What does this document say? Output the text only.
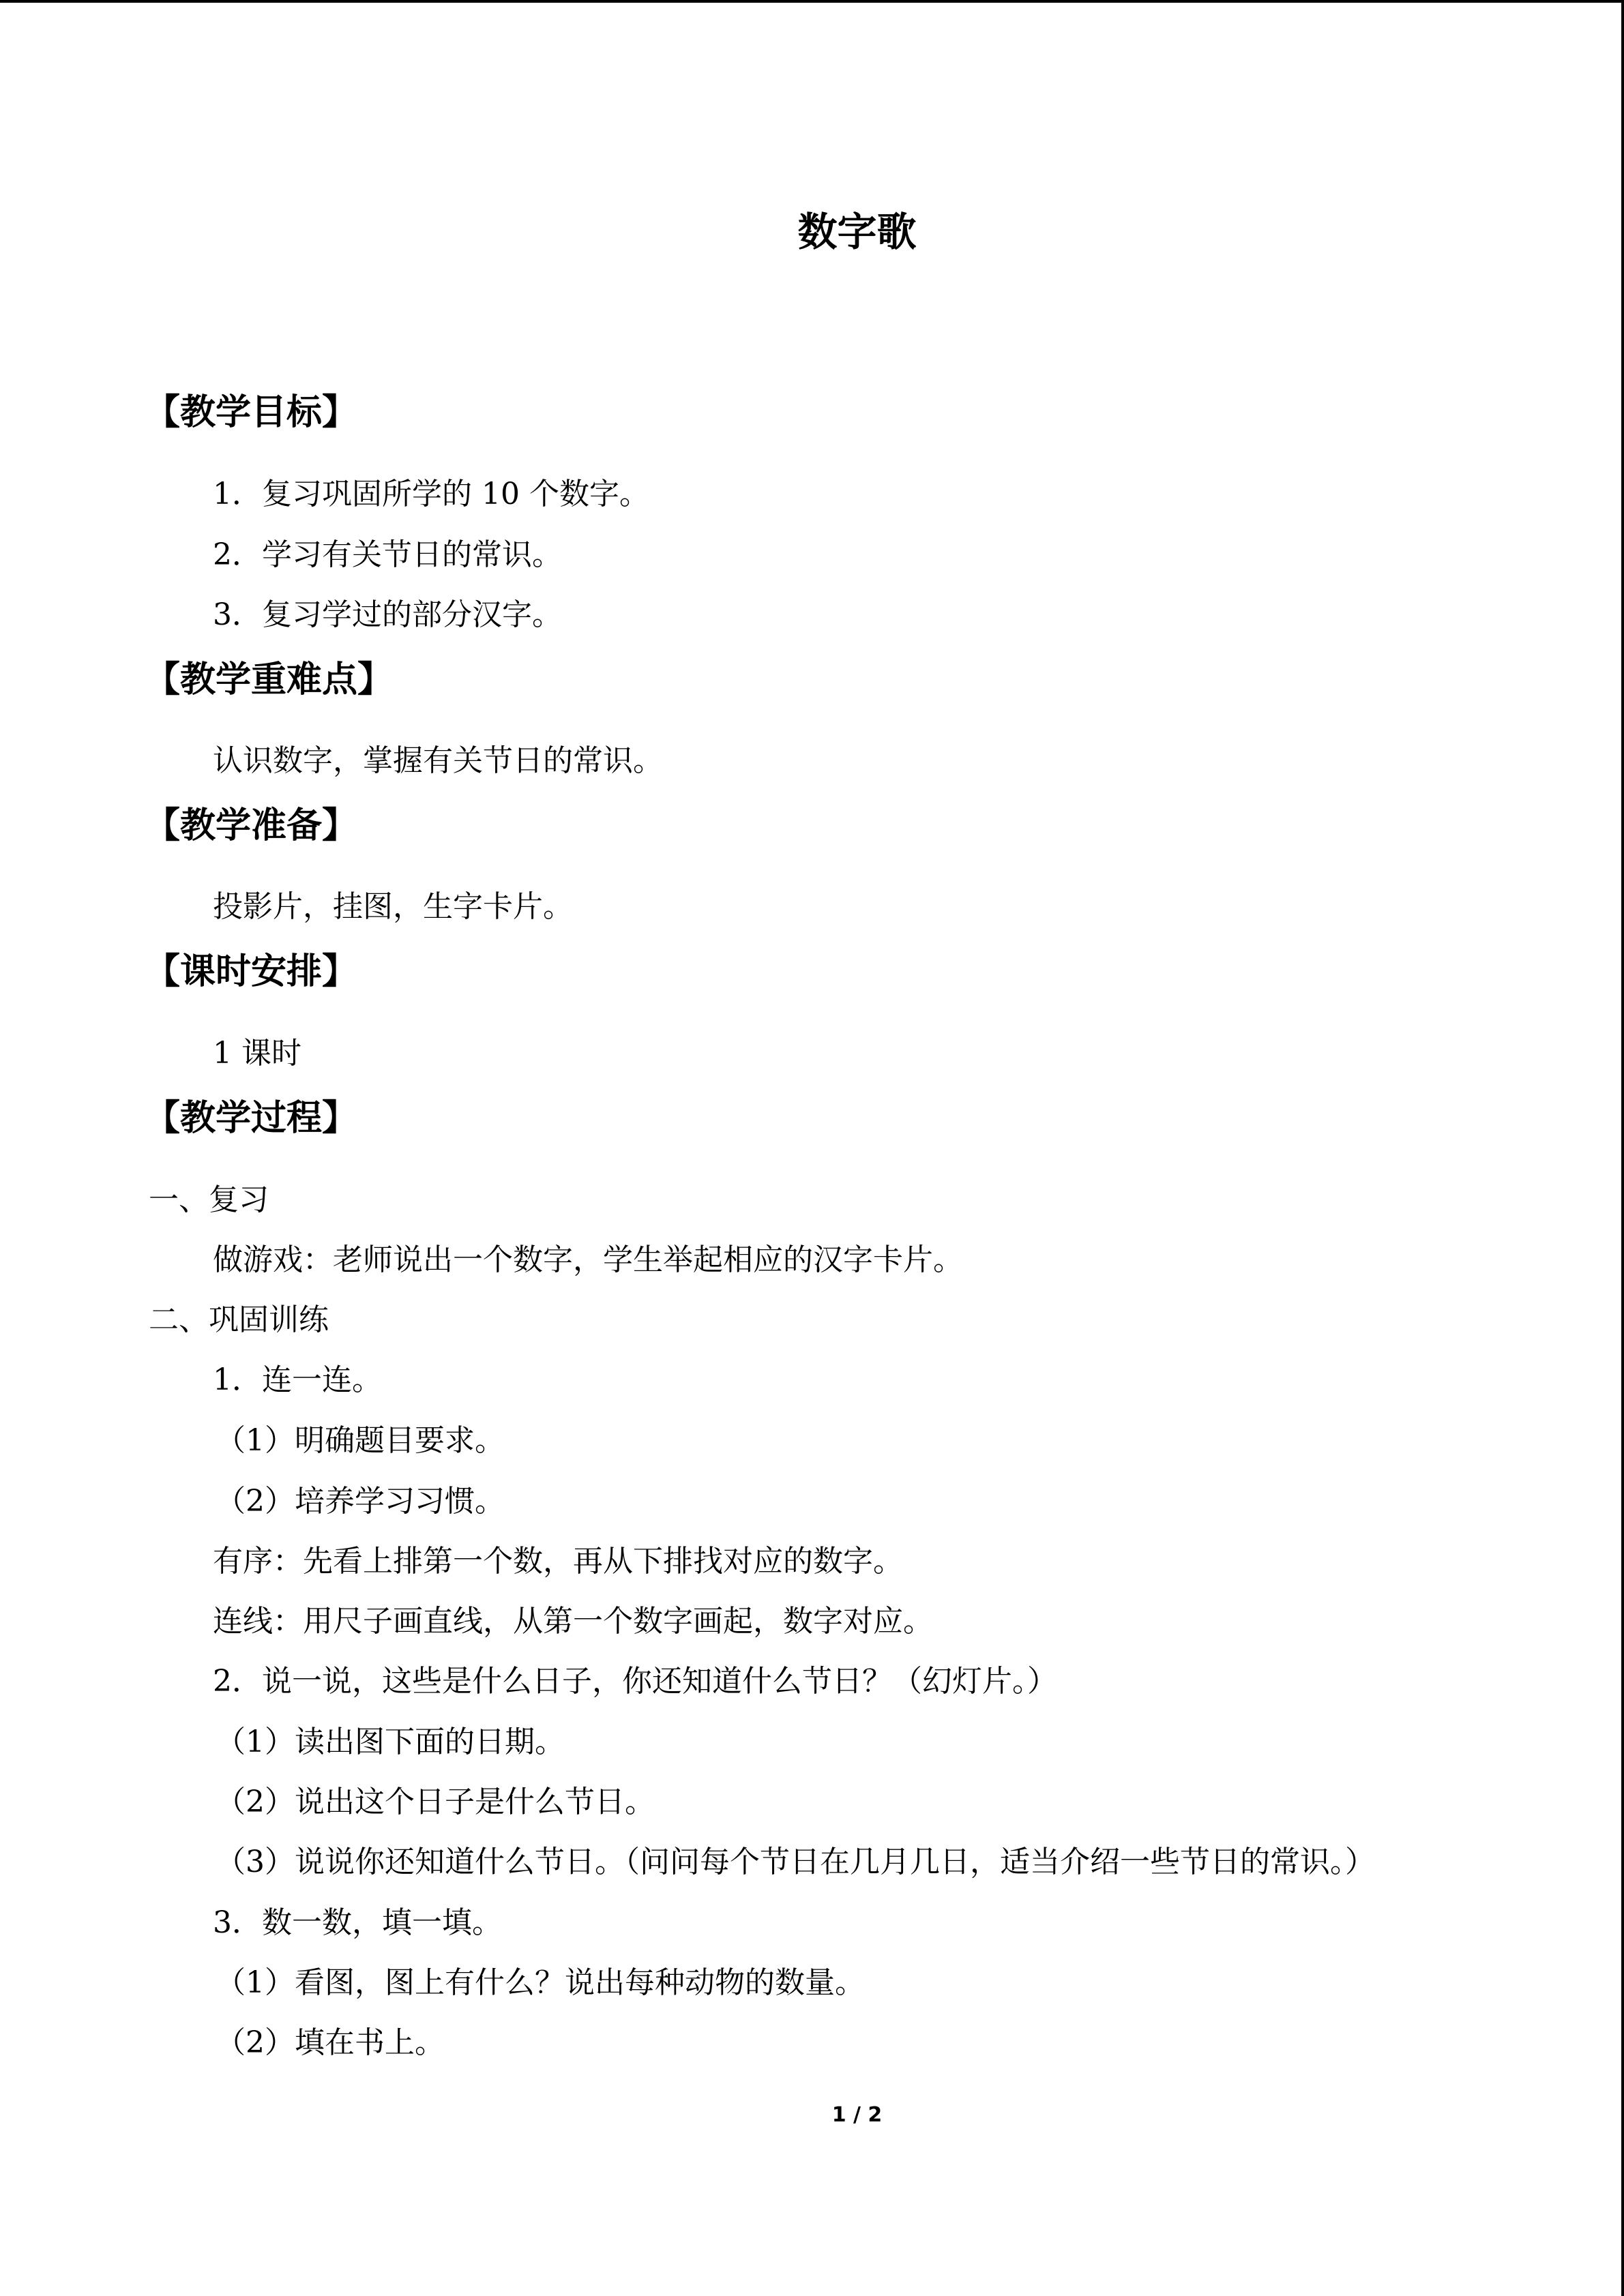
数字歌
【教学目标】
1．复习巩固所学的 10 个数字。
2．学习有关节日的常识。
3．复习学过的部分汉字。
【教学重难点】
认识数字，掌握有关节日的常识。
【教学准备】
投影片，挂图，生字卡片。
【课时安排】
1 课时
【教学过程】
一、复习
做游戏：老师说出一个数字，学生举起相应的汉字卡片。
二、巩固训练
1．连一连。
（1）明确题目要求。
（2）培养学习习惯。
有序：先看上排第一个数，再从下排找对应的数字。
连线：用尺子画直线，从第一个数字画起，数字对应。
2．说一说，这些是什么日子，你还知道什么节日？（幻灯片。）
（1）读出图下面的日期。
（2）说出这个日子是什么节日。
（3）说说你还知道什么节日。（问问每个节日在几月几日，适当介绍一些节日的常识。）
3．数一数，填一填。
（1）看图，图上有什么？说出每种动物的数量。
（2）填在书上。
1 / 2
